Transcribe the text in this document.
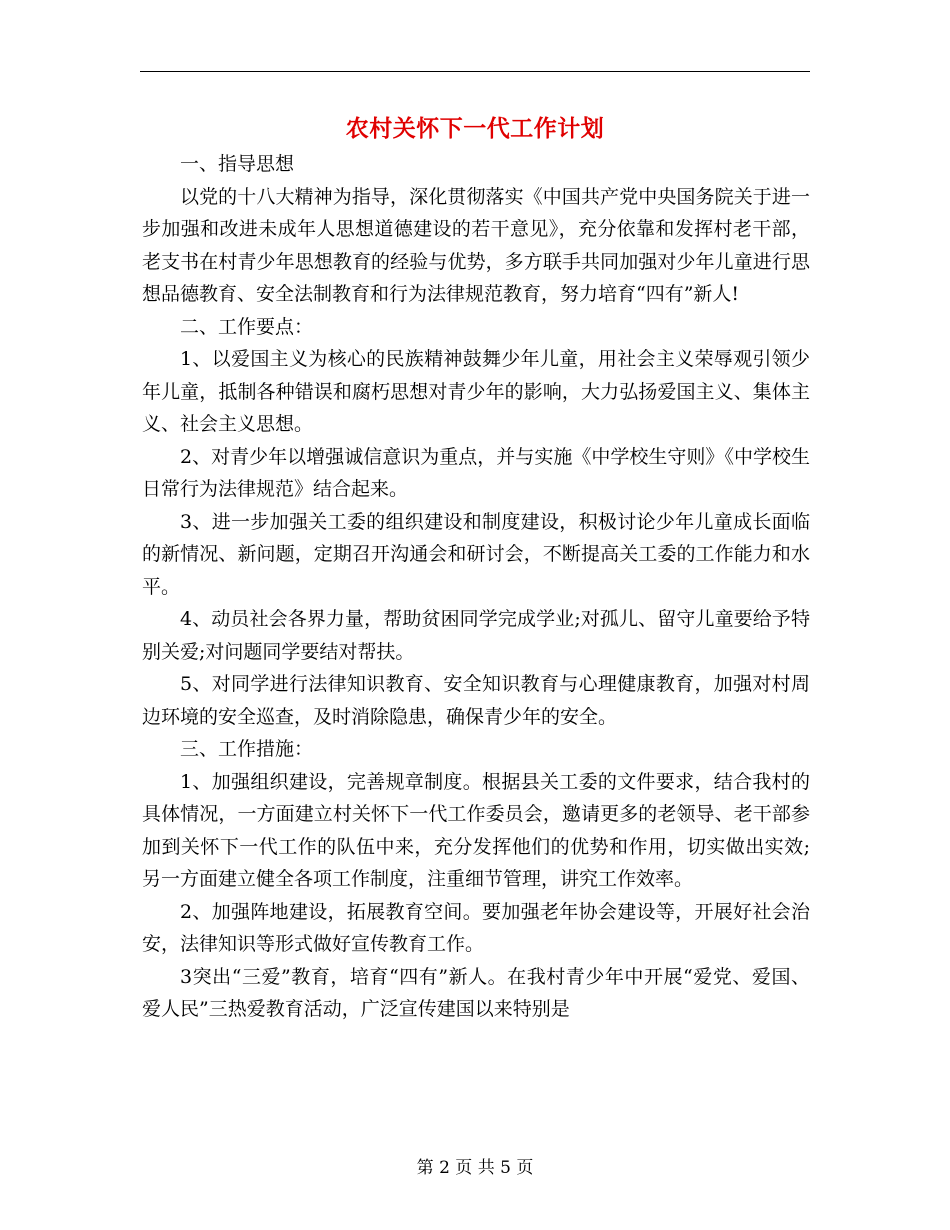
农村关怀下一代工作计划

一、指导思想

以党的十八大精神为指导，深化贯彻落实《中国共产党中央国务院关于进一步加强和改进未成年人思想道德建设的若干意见》，充分依靠和发挥村老干部，老支书在村青少年思想教育的经验与优势，多方联手共同加强对少年儿童进行思想品德教育、安全法制教育和行为法律规范教育，努力培育“四有”新人!

二、工作要点：

1、以爱国主义为核心的民族精神鼓舞少年儿童，用社会主义荣辱观引领少年儿童，抵制各种错误和腐朽思想对青少年的影响，大力弘扬爱国主义、集体主义、社会主义思想。

2、对青少年以增强诚信意识为重点，并与实施《中学校生守则》《中学校生日常行为法律规范》结合起来。

3、进一步加强关工委的组织建设和制度建设，积极讨论少年儿童成长面临的新情况、新问题，定期召开沟通会和研讨会，不断提高关工委的工作能力和水平。

4、动员社会各界力量，帮助贫困同学完成学业;对孤儿、留守儿童要给予特别关爱;对问题同学要结对帮扶。

5、对同学进行法律知识教育、安全知识教育与心理健康教育，加强对村周边环境的安全巡查，及时消除隐患，确保青少年的安全。

三、工作措施：

1、加强组织建设，完善规章制度。根据县关工委的文件要求，结合我村的具体情况，一方面建立村关怀下一代工作委员会，邀请更多的老领导、老干部参加到关怀下一代工作的队伍中来，充分发挥他们的优势和作用，切实做出实效;另一方面建立健全各项工作制度，注重细节管理，讲究工作效率。

2、加强阵地建设，拓展教育空间。要加强老年协会建设等，开展好社会治安，法律知识等形式做好宣传教育工作。

3突出“三爱”教育，培育“四有”新人。在我村青少年中开展“爱党、爱国、爱人民”三热爱教育活动，广泛宣传建国以来特别是

第 2 页 共 5 页
